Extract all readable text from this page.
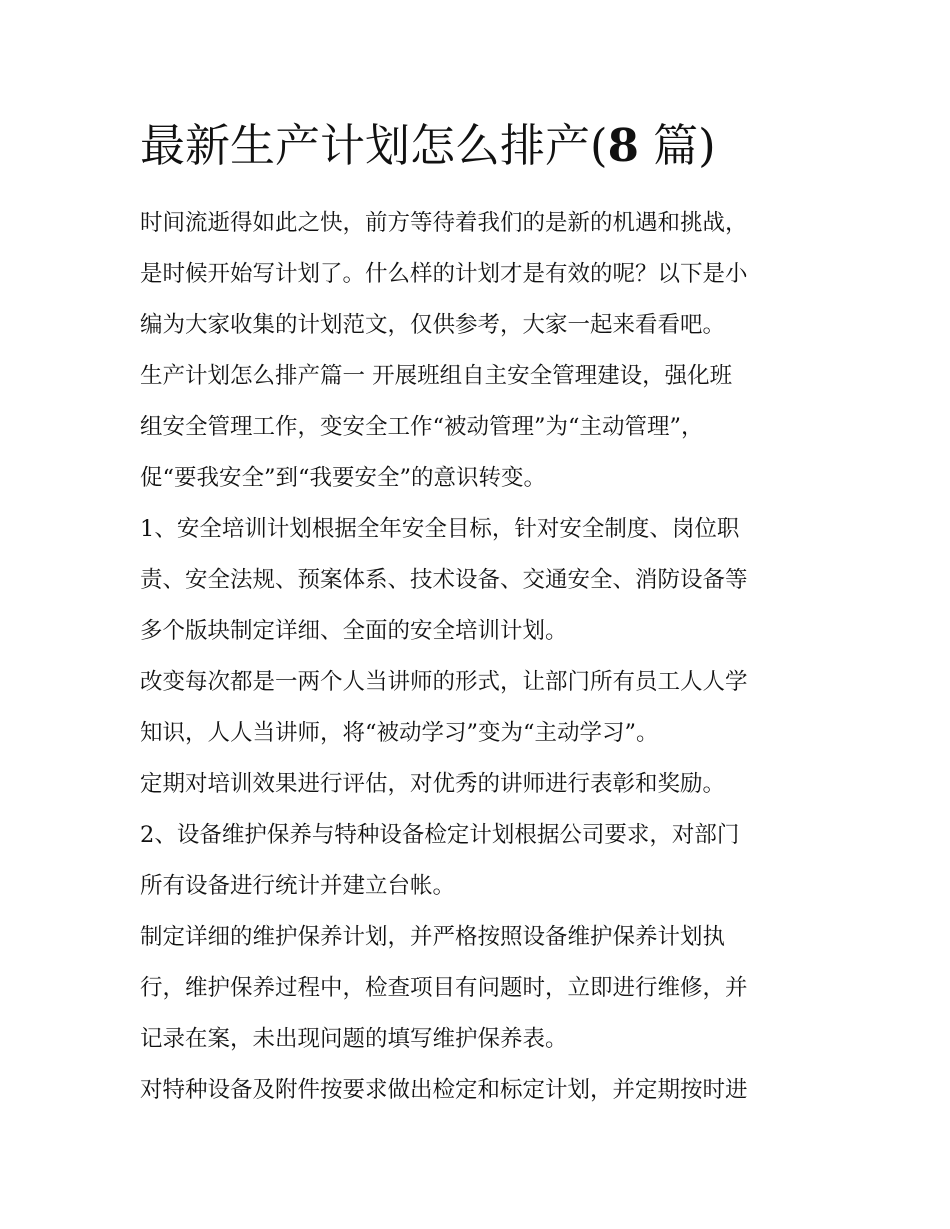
最新生产计划怎么排产(8 篇)
时间流逝得如此之快，前方等待着我们的是新的机遇和挑战，
是时候开始写计划了。什么样的计划才是有效的呢？以下是小
编为大家收集的计划范文，仅供参考，大家一起来看看吧。
生产计划怎么排产篇一 开展班组自主安全管理建设，强化班
组安全管理工作，变安全工作“被动管理”为“主动管理”，
促“要我安全”到“我要安全”的意识转变。
1、安全培训计划根据全年安全目标，针对安全制度、岗位职
责、安全法规、预案体系、技术设备、交通安全、消防设备等
多个版块制定详细、全面的安全培训计划。
改变每次都是一两个人当讲师的形式，让部门所有员工人人学
知识，人人当讲师，将“被动学习”变为“主动学习”。
定期对培训效果进行评估，对优秀的讲师进行表彰和奖励。
2、设备维护保养与特种设备检定计划根据公司要求，对部门
所有设备进行统计并建立台帐。
制定详细的维护保养计划，并严格按照设备维护保养计划执
行，维护保养过程中，检查项目有问题时，立即进行维修，并
记录在案，未出现问题的填写维护保养表。
对特种设备及附件按要求做出检定和标定计划，并定期按时进
